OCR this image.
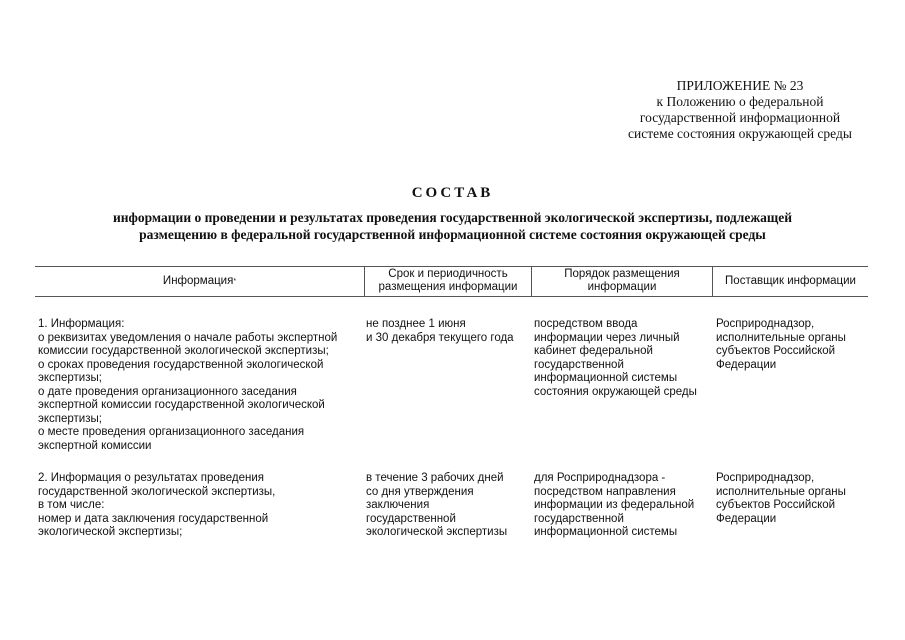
ПРИЛОЖЕНИЕ № 23
к Положению о федеральной
государственной информационной
системе состояния окружающей среды
СОСТАВ
информации о проведении и результатах проведения государственной экологической экспертизы, подлежащей
размещению в федеральной государственной информационной системе состояния окружающей среды
Информация *
Срок и периодичность
размещения информации
Порядок размещения
информации
Поставщик информации
1. Информация:
о реквизитах уведомления о начале работы экспертной
комиссии государственной экологической экспертизы;
о сроках проведения государственной экологической
экспертизы;
о дате проведения организационного заседания
экспертной комиссии государственной экологической
экспертизы;
о месте проведения организационного заседания
экспертной комиссии
не позднее 1 июня
и 30 декабря текущего года
посредством ввода
информации через личный
кабинет федеральной
государственной
информационной системы
состояния окружающей среды
Росприроднадзор,
исполнительные органы
субъектов Российской
Федерации
2. Информация о результатах проведения
государственной экологической экспертизы,
в том числе:
номер и дата заключения государственной
экологической экспертизы;
в течение 3 рабочих дней
со дня утверждения
заключения
государственной
экологической экспертизы
для Росприроднадзора -
посредством направления
информации из федеральной
государственной
информационной системы
Росприроднадзор,
исполнительные органы
субъектов Российской
Федерации
